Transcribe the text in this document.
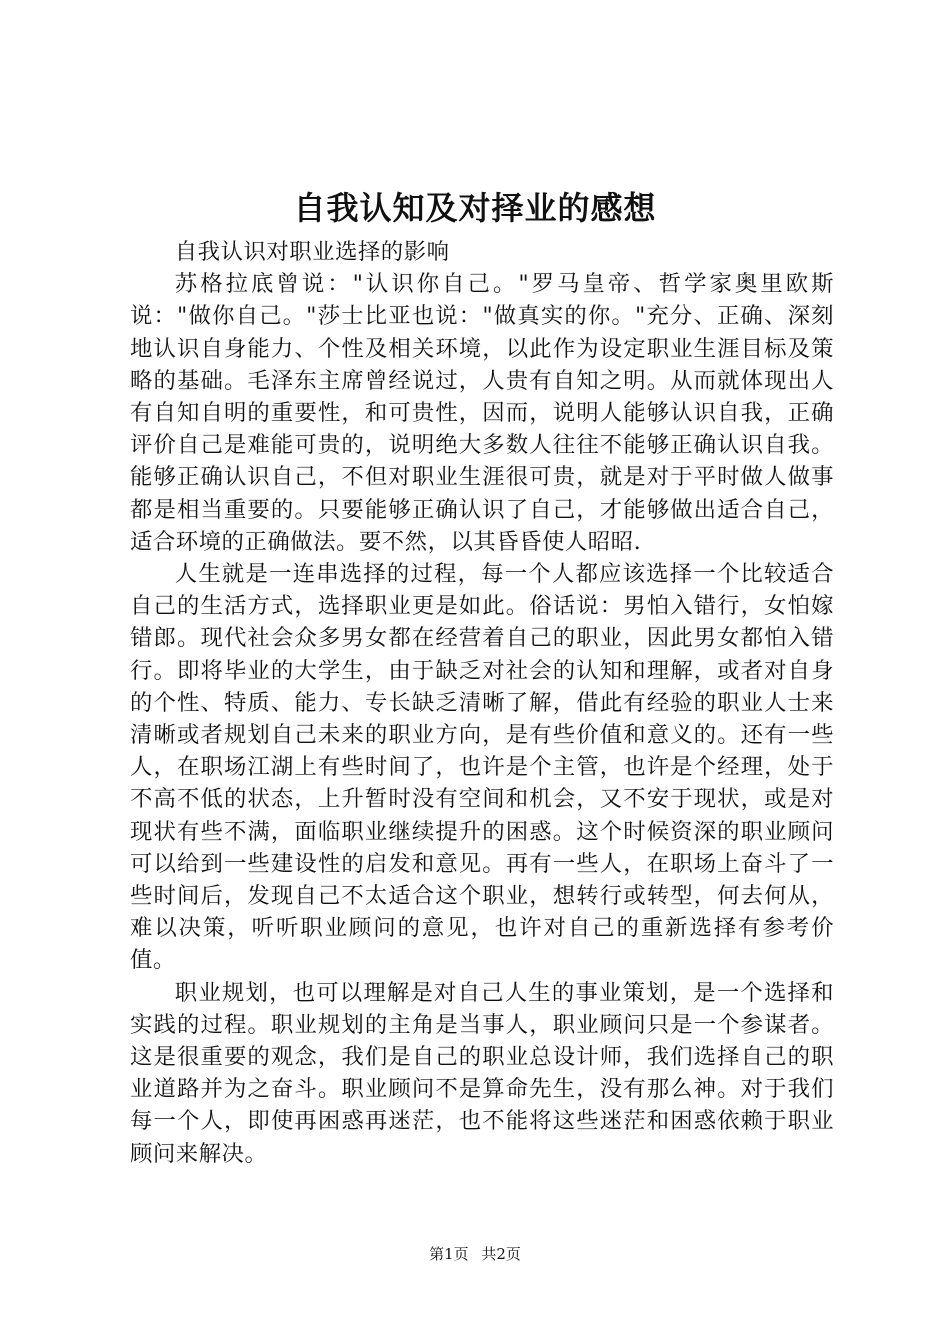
自我认知及对择业的感想

自我认识对职业选择的影响

苏格拉底曾说："认识你自己。"罗马皇帝、哲学家奥里欧斯说："做你自己。"莎士比亚也说："做真实的你。"充分、正确、深刻地认识自身能力、个性及相关环境，以此作为设定职业生涯目标及策略的基础。毛泽东主席曾经说过，人贵有自知之明。从而就体现出人有自知自明的重要性，和可贵性，因而，说明人能够认识自我，正确评价自己是难能可贵的，说明绝大多数人往往不能够正确认识自我。能够正确认识自己，不但对职业生涯很可贵，就是对于平时做人做事都是相当重要的。只要能够正确认识了自己，才能够做出适合自己，适合环境的正确做法。要不然，以其昏昏使人昭昭.

人生就是一连串选择的过程，每一个人都应该选择一个比较适合自己的生活方式，选择职业更是如此。俗话说：男怕入错行，女怕嫁错郎。现代社会众多男女都在经营着自己的职业，因此男女都怕入错行。即将毕业的大学生，由于缺乏对社会的认知和理解，或者对自身的个性、特质、能力、专长缺乏清晰了解，借此有经验的职业人士来清晰或者规划自己未来的职业方向，是有些价值和意义的。还有一些人，在职场江湖上有些时间了，也许是个主管，也许是个经理，处于不高不低的状态，上升暂时没有空间和机会，又不安于现状，或是对现状有些不满，面临职业继续提升的困惑。这个时候资深的职业顾问可以给到一些建设性的启发和意见。再有一些人，在职场上奋斗了一些时间后，发现自己不太适合这个职业，想转行或转型，何去何从，难以决策，听听职业顾问的意见，也许对自己的重新选择有参考价值。

职业规划，也可以理解是对自己人生的事业策划，是一个选择和实践的过程。职业规划的主角是当事人，职业顾问只是一个参谋者。这是很重要的观念，我们是自己的职业总设计师，我们选择自己的职业道路并为之奋斗。职业顾问不是算命先生，没有那么神。对于我们每一个人，即使再困惑再迷茫，也不能将这些迷茫和困惑依赖于职业顾问来解决。

第1页 共2页
